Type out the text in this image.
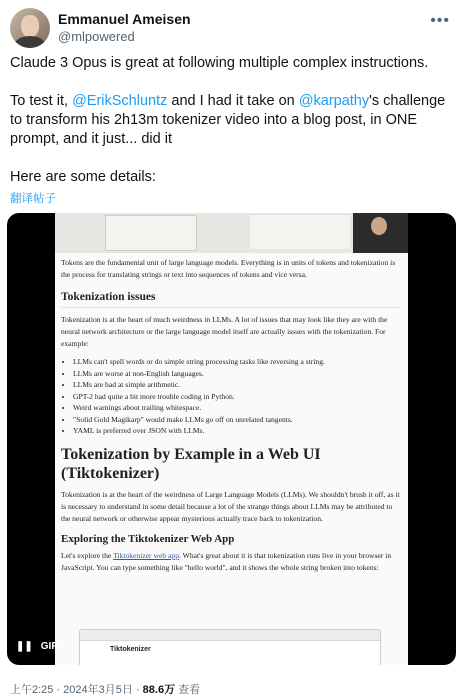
Emmanuel Ameisen
@mlpowered
•••

Claude 3 Opus is great at following multiple complex instructions.

To test it, @ErikSchluntz and I had it take on @karpathy's challenge to transform his 2h13m tokenizer video into a blog post, in ONE prompt, and it just... did it

Here are some details:

翻译帖子

Tokens are the fundamental unit of large language models. Everything is in units of tokens and tokenization is the process for translating strings or text into sequences of tokens and vice versa.

Tokenization issues

Tokenization is at the heart of much weirdness in LLMs. A lot of issues that may look like they are with the neural network architecture or the large language model itself are actually issues with the tokenization. For example:

• LLMs can't spell words or do simple string processing tasks like reversing a string.
• LLMs are worse at non-English languages.
• LLMs are bad at simple arithmetic.
• GPT-2 had quite a bit more trouble coding in Python.
• Weird warnings about trailing whitespace.
• "Solid Gold Magikarp" would make LLMs go off on unrelated tangents.
• YAML is preferred over JSON with LLMs.
Tokenization by Example in a Web UI (Tiktokenizer)

Tokenization is at the heart of the weirdness of Large Language Models (LLMs). We shouldn't brush it off, as it is necessary to understand in some detail because a lot of the strange things about LLMs may be attributed to the neural network or otherwise appear mysterious actually trace back to tokenization.

Exploring the Tiktokenizer Web App

Let's explore the Tiktokenizer web app. What's great about it is that tokenization runs live in your browser in JavaScript. You can type something like "hello world", and it shows the whole string broken into tokens:

Tiktokenizer
❚❚ GIF
上午2:25 · 2024年3月5日 · 88.6万 查看
